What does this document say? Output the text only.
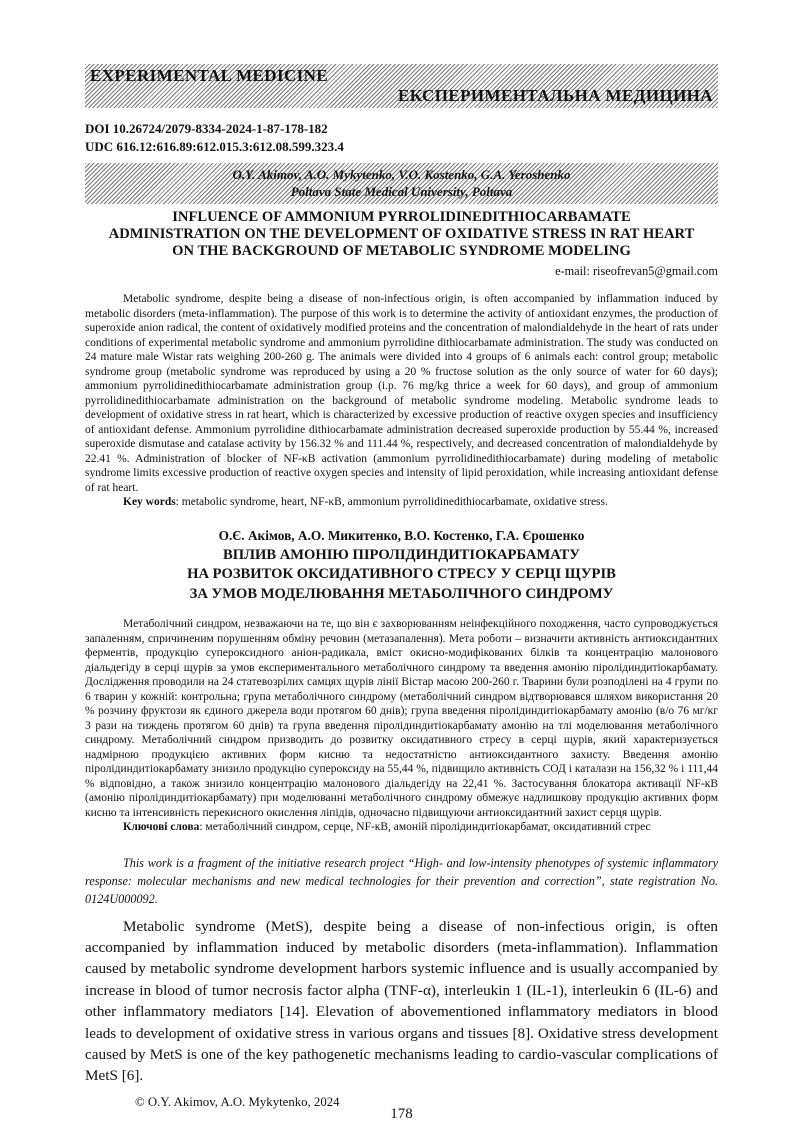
EXPERIMENTAL MEDICINE
ЕКСПЕРИМЕНТАЛЬНА МЕДИЦИНА
DOI 10.26724/2079-8334-2024-1-87-178-182
UDC 616.12:616.89:612.015.3:612.08.599.323.4
O.Y. Akimov, A.O. Mykytenko, V.O. Kostenko, G.A. Yeroshenko
Poltava State Medical University, Poltava
INFLUENCE OF AMMONIUM PYRROLIDINEDITHIOCARBAMATE
ADMINISTRATION ON THE DEVELOPMENT OF OXIDATIVE STRESS IN RAT HEART
ON THE BACKGROUND OF METABOLIC SYNDROME MODELING
e-mail: riseofrevan5@gmail.com

Metabolic syndrome, despite being a disease of non-infectious origin, is often accompanied by inflammation induced by metabolic disorders (meta-inflammation). The purpose of this work is to determine the activity of antioxidant enzymes, the production of superoxide anion radical, the content of oxidatively modified proteins and the concentration of malondialdehyde in the heart of rats under conditions of experimental metabolic syndrome and ammonium pyrrolidine dithiocarbamate administration. The study was conducted on 24 mature male Wistar rats weighing 200-260 g. The animals were divided into 4 groups of 6 animals each: control group; metabolic syndrome group (metabolic syndrome was reproduced by using a 20 % fructose solution as the only source of water for 60 days); ammonium pyrrolidinedithiocarbamate administration group (i.p. 76 mg/kg thrice a week for 60 days), and group of ammonium pyrrolidinedithiocarbamate administration on the background of metabolic syndrome modeling. Metabolic syndrome leads to development of oxidative stress in rat heart, which is characterized by excessive production of reactive oxygen species and insufficiency of antioxidant defense. Ammonium pyrrolidine dithiocarbamate administration decreased superoxide production by 55.44 %, increased superoxide dismutase and catalase activity by 156.32 % and 111.44 %, respectively, and decreased concentration of malondialdehyde by 22.41 %. Administration of blocker of NF-κB activation (ammonium pyrrolidinedithiocarbamate) during modeling of metabolic syndrome limits excessive production of reactive oxygen species and intensity of lipid peroxidation, while increasing antioxidant defense of rat heart.

Key words: metabolic syndrome, heart, NF-κB, ammonium pyrrolidinedithiocarbamate, oxidative stress.

О.Є. Акімов, А.О. Микитенко, В.О. Костенко, Г.А. Єрошенко
ВПЛИВ АМОНІЮ ПІРОЛІДИНДИТІОКАРБАМАТУ
НА РОЗВИТОК ОКСИДАТИВНОГО СТРЕСУ У СЕРЦІ ЩУРІВ
ЗА УМОВ МОДЕЛЮВАННЯ МЕТАБОЛІЧНОГО СИНДРОМУ

Метаболічний синдром, незважаючи на те, що він є захворюванням неінфекційного походження, часто супроводжується запаленням, спричиненим порушенням обміну речовин (метазапалення). Мета роботи – визначити активність антиоксидантних ферментів, продукцію супероксидного аніон-радикала, вміст окисно-модифікованих білків та концентрацію малонового діальдегіду в серці щурів за умов експериментального метаболічного синдрому та введення амонію піролідиндитіокарбамату. Дослідження проводили на 24 статевозрілих самцях щурів лінії Вістар масою 200-260 г. Тварини були розподілені на 4 групи по 6 тварин у кожній: контрольна; група метаболічного синдрому (метаболічний синдром відтворювався шляхом використання 20 % розчину фруктози як єдиного джерела води протягом 60 днів); група введення піролідиндитіокарбамату амонію (в/о 76 мг/кг 3 рази на тиждень протягом 60 днів) та група введення піролідиндитіокарбамату амонію на тлі моделювання метаболічного синдрому. Метаболічний синдром призводить до розвитку оксидативного стресу в серці щурів, який характеризується надмірною продукцією активних форм кисню та недостатністю антиоксидантного захисту. Введення амонію піролідиндитіокарбамату знизило продукцію супероксиду на 55,44 %, підвищило активність СОД і каталази на 156,32 % і 111,44 % відповідно, а також знизило концентрацію малонового діальдегіду на 22,41 %. Застосування блокатора активації NF-кВ (амонію піролідиндитіокарбамату) при моделюванні метаболічного синдрому обмежує надлишкову продукцію активних форм кисню та інтенсивність перекисного окислення ліпідів, одночасно підвищуючи антиоксидантний захист серця щурів.

Ключові слова: метаболічний синдром, серце, NF-кВ, амоній піролідиндитіокарбамат, оксидативний стрес

This work is a fragment of the initiative research project “High- and low-intensity phenotypes of systemic inflammatory response: molecular mechanisms and new medical technologies for their prevention and correction”, state registration No. 0124U000092.
Metabolic syndrome (MetS), despite being a disease of non-infectious origin, is often accompanied by inflammation induced by metabolic disorders (meta-inflammation). Inflammation caused by metabolic syndrome development harbors systemic influence and is usually accompanied by increase in blood of tumor necrosis factor alpha (TNF-α), interleukin 1 (IL-1), interleukin 6 (IL-6) and other inflammatory mediators [14]. Elevation of abovementioned inflammatory mediators in blood leads to development of oxidative stress in various organs and tissues [8]. Oxidative stress development caused by MetS is one of the key pathogenetic mechanisms leading to cardio-vascular complications of MetS [6].
© O.Y. Akimov, A.O. Mykytenko, 2024
178
